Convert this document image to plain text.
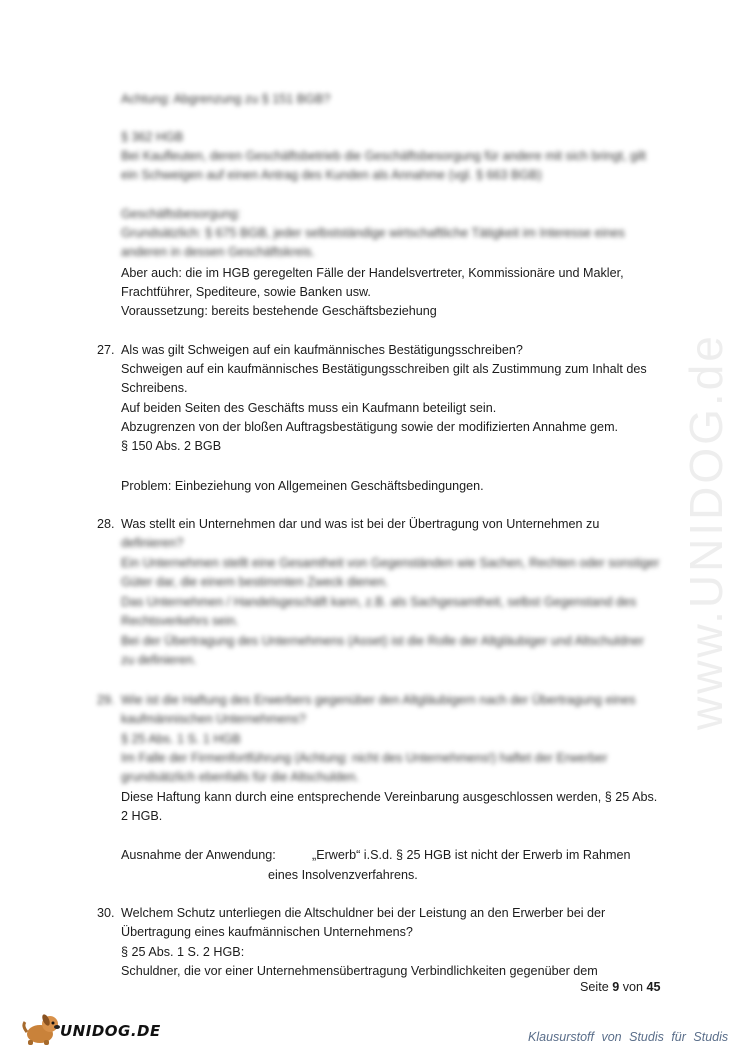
www.UNIDOG.de
Achtung: Abgrenzung zu § 151 BGB?
§ 362 HGB
Bei Kaufleuten, deren Geschäftsbetrieb die Geschäftsbesorgung für andere mit sich bringt, gilt
ein Schweigen auf einen Antrag des Kunden als Annahme (vgl. § 663 BGB)
Geschäftsbesorgung:
Grundsätzlich: § 675 BGB, jeder selbstständige wirtschaftliche Tätigkeit im Interesse eines
anderen in dessen Geschäftskreis.
Aber auch: die im HGB geregelten Fälle der Handelsvertreter, Kommissionäre und Makler,
Frachtführer, Spediteure, sowie Banken usw.
Voraussetzung: bereits bestehende Geschäftsbeziehung
27. Als was gilt Schweigen auf ein kaufmännisches Bestätigungsschreiben?
Schweigen auf ein kaufmännisches Bestätigungsschreiben gilt als Zustimmung zum Inhalt des
Schreibens.
Auf beiden Seiten des Geschäfts muss ein Kaufmann beteiligt sein.
Abzugrenzen von der bloßen Auftragsbestätigung sowie der modifizierten Annahme gem.
§ 150 Abs. 2 BGB
Problem: Einbeziehung von Allgemeinen Geschäftsbedingungen.
28. Was stellt ein Unternehmen dar und was ist bei der Übertragung von Unternehmen zu
definieren?
Ein Unternehmen stellt eine Gesamtheit von Gegenständen wie Sachen, Rechten oder sonstiger
Güter dar, die einem bestimmten Zweck dienen.
Das Unternehmen / Handelsgeschäft kann, z.B. als Sachgesamtheit, selbst Gegenstand des
Rechtsverkehrs sein.
Bei der Übertragung des Unternehmens (Asset) ist die Rolle der Altgläubiger und Altschuldner
zu definieren.
29. Wie ist die Haftung des Erwerbers gegenüber den Altgläubigern nach der Übertragung eines
kaufmännischen Unternehmens?
§ 25 Abs. 1 S. 1 HGB
Im Falle der Firmenfortführung (Achtung: nicht des Unternehmens!) haftet der Erwerber
grundsätzlich ebenfalls für die Altschulden.
Diese Haftung kann durch eine entsprechende Vereinbarung ausgeschlossen werden, § 25 Abs.
2 HGB.
Ausnahme der Anwendung:	„Erwerb“ i.S.d. § 25 HGB ist nicht der Erwerb im Rahmen
eines Insolvenzverfahrens.
30. Welchem Schutz unterliegen die Altschuldner bei der Leistung an den Erwerber bei der
Übertragung eines kaufmännischen Unternehmens?
§ 25 Abs. 1 S. 2 HGB:
Schuldner, die vor einer Unternehmensübertragung Verbindlichkeiten gegenüber dem
Seite 9 von 45
UNIDOG.DE	Klausurstoff von Studis für Studis
